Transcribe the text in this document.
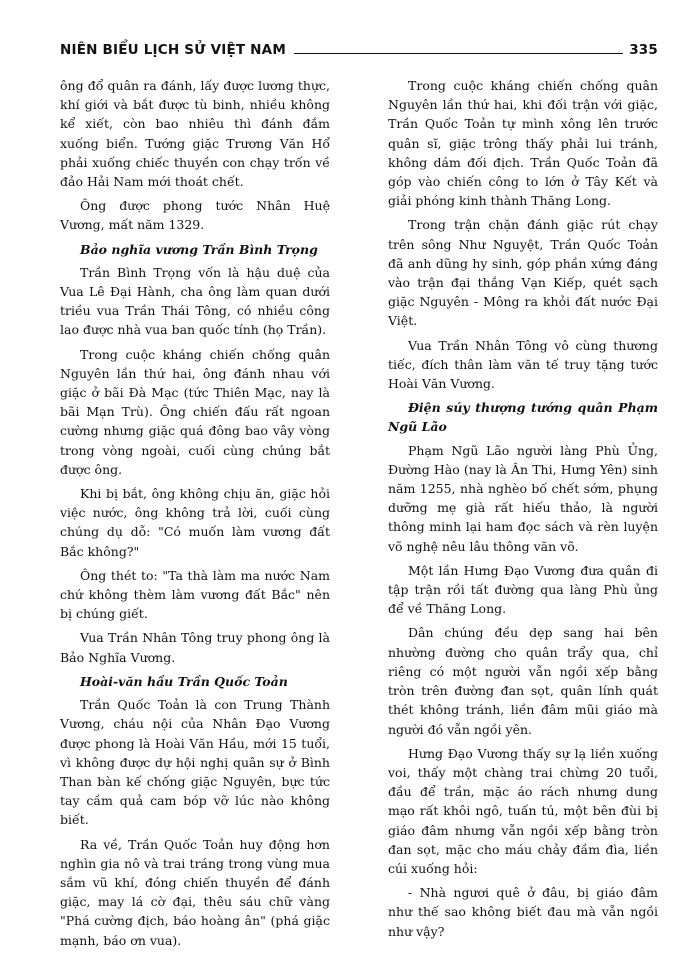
NIÊN BIỂU LỊCH SỬ VIỆT NAM	335

ông đổ quân ra đánh, lấy được lương thực, khí giới và bắt được tù binh, nhiều không kể xiết, còn bao nhiêu thì đánh đắm xuống biển. Tướng giặc Trương Văn Hổ phải xuống chiếc thuyền con chạy trốn về đảo Hải Nam mới thoát chết.

Ông được phong tước Nhân Huệ Vương, mất năm 1329.

Bảo nghĩa vương Trần Bình Trọng

Trần Bình Trọng vốn là hậu duệ của Vua Lê Đại Hành, cha ông làm quan dưới triều vua Trần Thái Tông, có nhiều công lao được nhà vua ban quốc tính (họ Trần).

Trong cuộc kháng chiến chống quân Nguyên lần thứ hai, ông đánh nhau với giặc ở bãi Đà Mạc (tức Thiên Mạc, nay là bãi Mạn Trù). Ông chiến đấu rất ngoan cường nhưng giặc quá đông bao vây vòng trong vòng ngoài, cuối cùng chúng bắt được ông.

Khi bị bắt, ông không chịu ăn, giặc hỏi việc nước, ông không trả lời, cuối cùng chúng dụ dỗ: "Có muốn làm vương đất Bắc không?"

Ông thét to: "Ta thà làm ma nước Nam chứ không thèm làm vương đất Bắc" nên bị chúng giết.

Vua Trần Nhân Tông truy phong ông là Bảo Nghĩa Vương.

Hoài-văn hầu Trần Quốc Toản

Trần Quốc Toản là con Trung Thành Vương, cháu nội của Nhân Đạo Vương được phong là Hoài Văn Hầu, mới 15 tuổi, vì không được dự hội nghị quân sự ở Bình Than bàn kế chống giặc Nguyên, bực tức tay cầm quả cam bóp vỡ lúc nào không biết.

Ra về, Trần Quốc Toản huy động hơn nghìn gia nô và trai tráng trong vùng mua sắm vũ khí, đóng chiến thuyền để đánh giặc, may lá cờ đại, thêu sáu chữ vàng "Phá cường địch, báo hoàng ân" (phá giặc mạnh, báo ơn vua).

Trong cuộc kháng chiến chống quân Nguyên lần thứ hai, khi đối trận với giặc, Trần Quốc Toản tự mình xông lên trước quân sĩ, giặc trông thấy phải lui tránh, không dám đối địch. Trần Quốc Toản đã góp vào chiến công to lớn ở Tây Kết và giải phóng kinh thành Thăng Long.

Trong trận chặn đánh giặc rút chạy trên sông Như Nguyệt, Trần Quốc Toản đã anh dũng hy sinh, góp phần xứng đáng vào trận đại thắng Vạn Kiếp, quét sạch giặc Nguyên - Mông ra khỏi đất nước Đại Việt.

Vua Trần Nhân Tông vô cùng thương tiếc, đích thân làm văn tế truy tặng tước Hoài Văn Vương.

Điện súy thượng tướng quân Phạm Ngũ Lão

Phạm Ngũ Lão người làng Phù Ủng, Đường Hào (nay là Ân Thi, Hưng Yên) sinh năm 1255, nhà nghèo bố chết sớm, phụng dưỡng mẹ già rất hiếu thảo, là người thông minh lại ham đọc sách và rèn luyện võ nghệ nêu lâu thông văn võ.

Một lần Hưng Đạo Vương đưa quân đi tập trận rồi tất đường qua làng Phù ủng để về Thăng Long.

Dân chúng đều dẹp sang hai bên nhường đường cho quân trẩy qua, chỉ riêng có một người vẫn ngồi xếp bằng tròn trên đường đan sọt, quân lính quát thét không tránh, liền đâm mũi giáo mà người đó vẫn ngồi yên.

Hưng Đạo Vương thấy sự lạ liền xuống voi, thấy một chàng trai chừng 20 tuổi, đầu để trần, mặc áo rách nhưng dung mạo rất khôi ngô, tuấn tú, một bên đùi bị giáo đâm nhưng vẫn ngồi xếp bằng tròn đan sọt, mặc cho máu chảy đầm đìa, liền cúi xuống hỏi:

- Nhà ngươi quê ở đâu, bị giáo đâm như thế sao không biết đau mà vẫn ngồi như vậy?
